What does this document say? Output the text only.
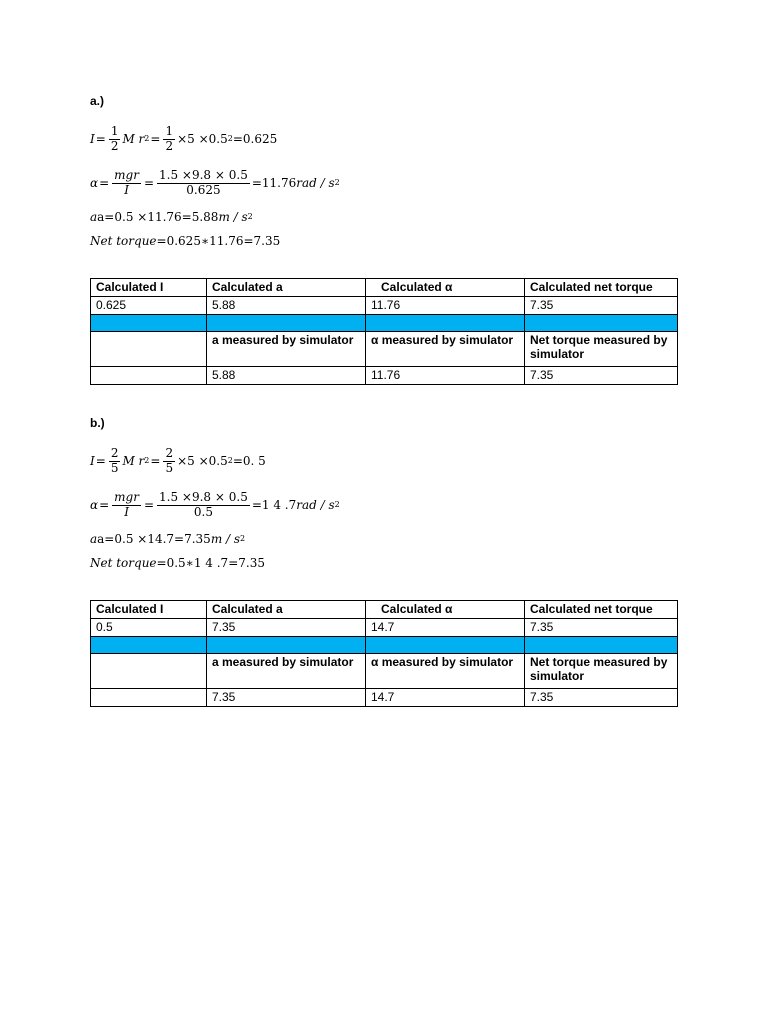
a.)
$I = \frac{1}{2}$ M r $2 = \frac{1}{2} \times 5 \times 0.5$ 2 =0.625
$\alpha = \frac{\text{mgr}}{I} = \frac{1.5 \times 9.8 \times 0.5}{0.625} =11.76$ rad / s 2
a a=0.5 ×11.76=5.88 m / s 2
Net torque =0.625∗11.76=7.35
Calculated I	Calculated a	Calculated α	Calculated net torque
0.625	5.88	11.76	7.35

	a measured by simulator	α measured by simulator	Net torque measured by simulator
	5.88	11.76	7.35
b.)
$I = \frac{2}{5}$ M r $2 = \frac{2}{5} \times 5 \times 0.5$ 2 =0. 5
$\alpha = \frac{\text{mgr}}{I} = \frac{1.5 \times 9.8 \times 0.5}{0.5} =1$ 4 .7 rad / s 2
a a=0.5 ×14.7=7.35 m / s 2
Net torque =0.5∗1 4 .7=7.35
Calculated I	Calculated a	Calculated α	Calculated net torque
0.5	7.35	14.7	7.35

	a measured by simulator	α measured by simulator	Net torque measured by simulator
	7.35	14.7	7.35
